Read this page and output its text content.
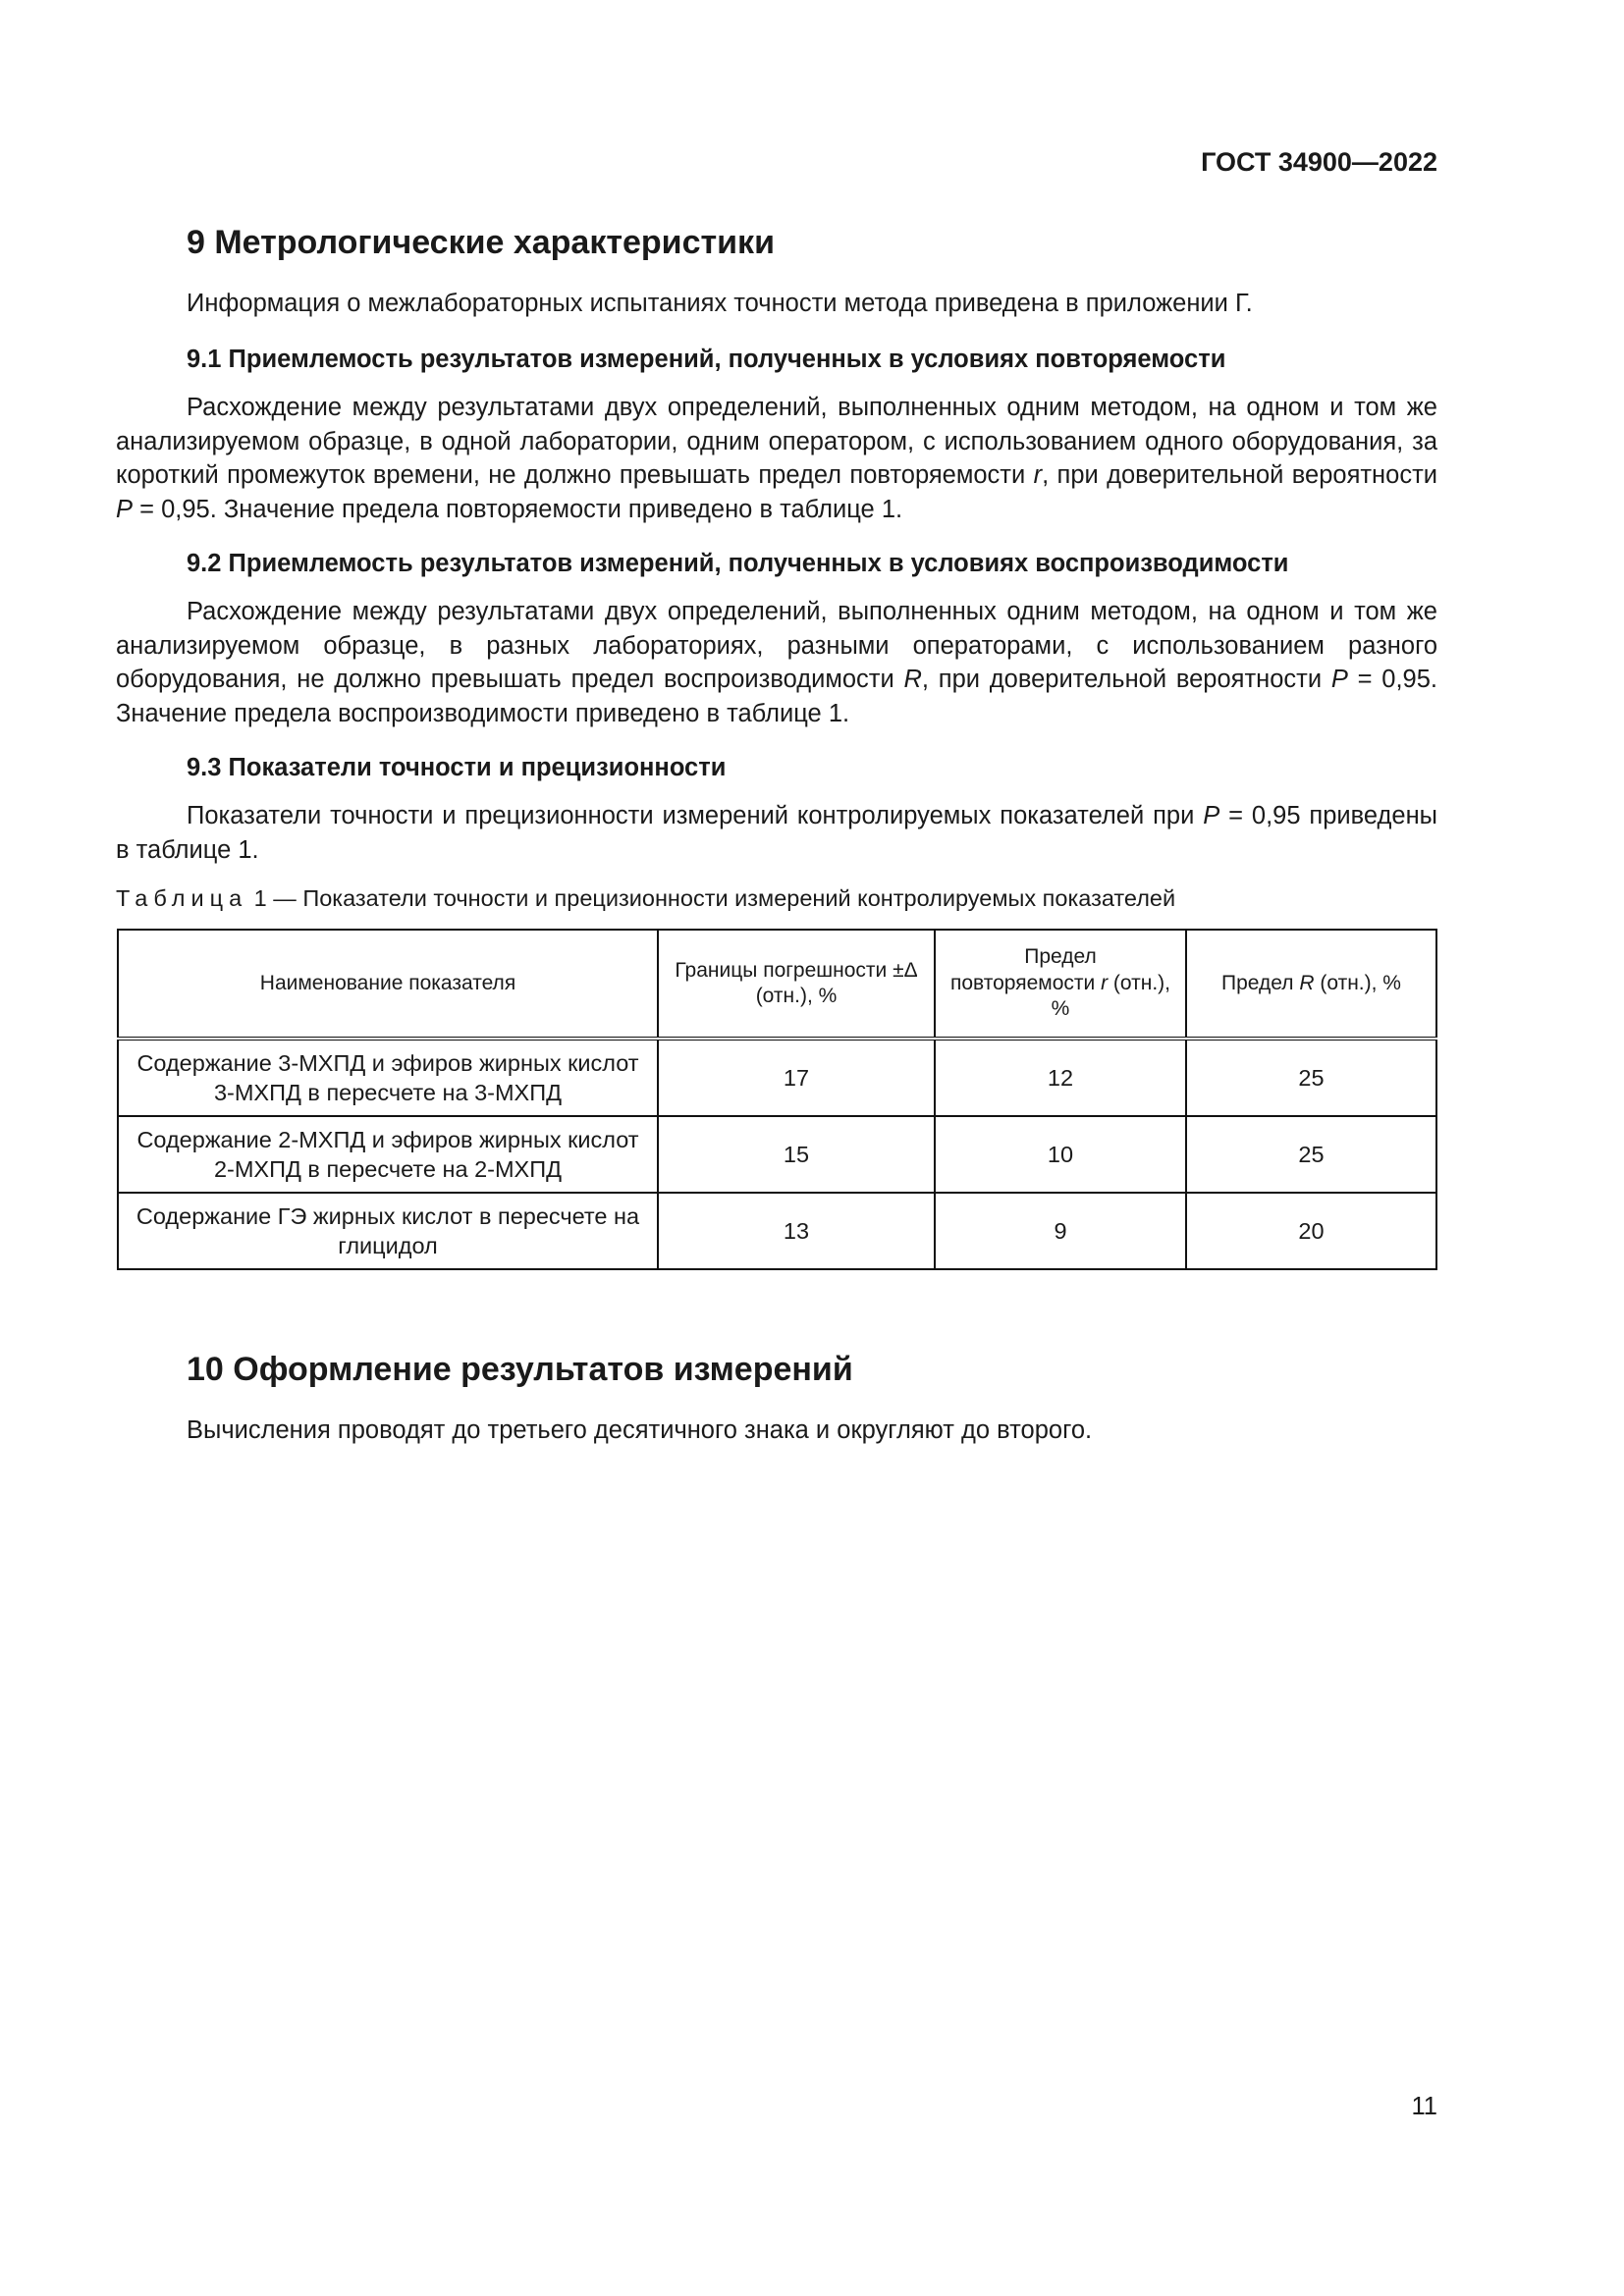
ГОСТ 34900—2022
9 Метрологические характеристики
Информация о межлабораторных испытаниях точности метода приведена в приложении Г.
9.1 Приемлемость результатов измерений, полученных в условиях повторяемости

Расхождение между результатами двух определений, выполненных одним методом, на одном и том же анализируемом образце, в одной лаборатории, одним оператором, с использованием одного оборудования, за короткий промежуток времени, не должно превышать предел повторяемости r, при доверительной вероятности P = 0,95. Значение предела повторяемости приведено в таблице 1.

9.2 Приемлемость результатов измерений, полученных в условиях воспроизводимости

Расхождение между результатами двух определений, выполненных одним методом, на одном и том же анализируемом образце, в разных лабораториях, разными операторами, с использованием разного оборудования, не должно превышать предел воспроизводимости R, при доверительной вероятности P = 0,95. Значение предела воспроизводимости приведено в таблице 1.

9.3 Показатели точности и прецизионности

Показатели точности и прецизионности измерений контролируемых показателей при P = 0,95 приведены в таблице 1.

Таблица 1 — Показатели точности и прецизионности измерений контролируемых показателей
Наименование показателя	Границы погрешности ±Δ (отн.), %	Предел повторяемости r (отн.), %	Предел R (отн.), %
Содержание 3-МХПД и эфиров жирных кислот 3-МХПД в пересчете на 3-МХПД	17	12	25
Содержание 2-МХПД и эфиров жирных кислот 2-МХПД в пересчете на 2-МХПД	15	10	25
Содержание ГЭ жирных кислот в пересчете на глицидол	13	9	20
10 Оформление результатов измерений
Вычисления проводят до третьего десятичного знака и округляют до второго.
11
